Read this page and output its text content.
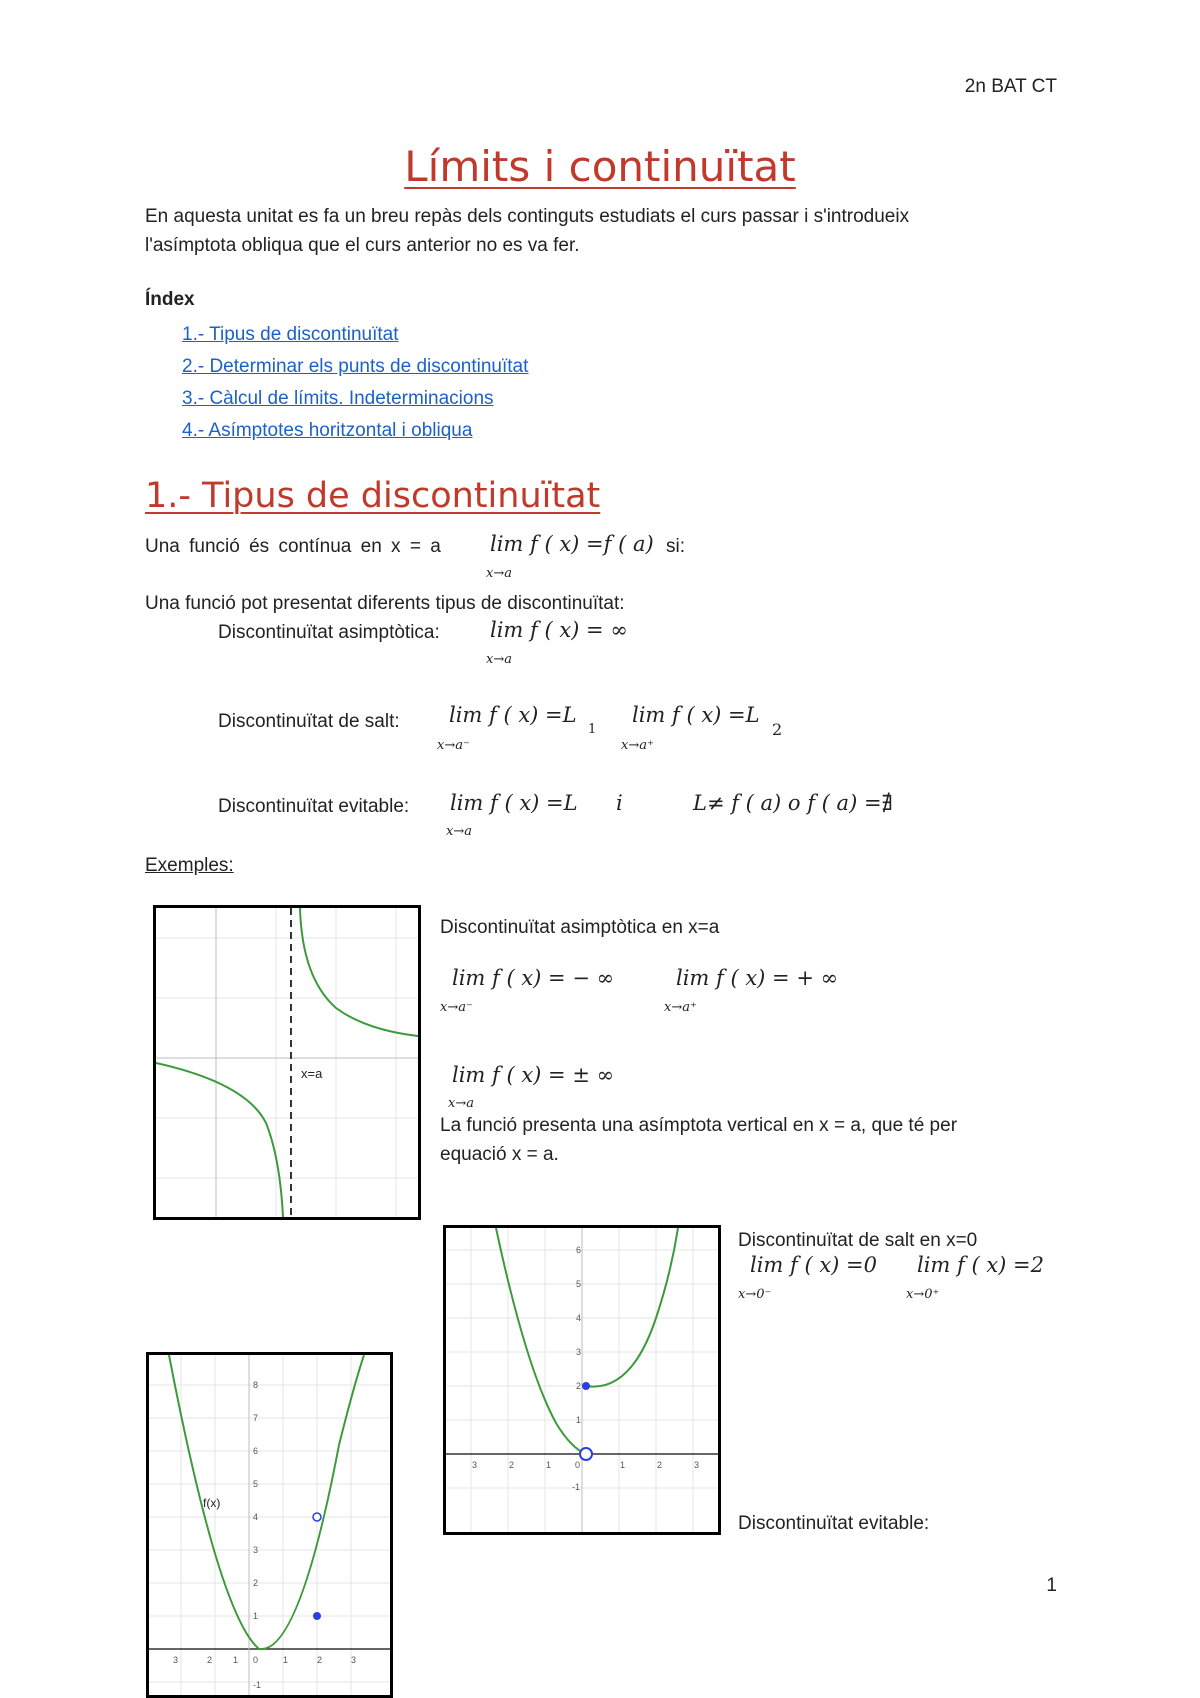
2n BAT CT
Límits i continuïtat
En aquesta unitat es fa un breu repàs dels continguts estudiats el curs passar i s'introdueix
l'asímptota obliqua que el curs anterior no es va fer.
Índex
1.- Tipus de discontinuïtat
2.- Determinar els punts de discontinuïtat
3.- Càlcul de límits. Indeterminacions
4.- Asímptotes horitzontal i obliqua
1.- Tipus de discontinuïtat
Una funció és contínua en x = a lim f ( x) =f ( a)
x→a
si:
Una funció pot presentat diferents tipus de discontinuïtat:
Discontinuïtat asimptòtica: lim f ( x) = ∞
x→a
Discontinuïtat de salt: lim f ( x) =L
1
x→a⁻
lim f ( x) =L
2
x→a⁺
Discontinuïtat evitable: lim f ( x) =L
x→a
i	L≠ f ( a) o f ( a) =∄
Exemples:
x=a
Discontinuïtat asimptòtica en x=a
lim f ( x) = − ∞
x→a⁻
lim f ( x) = + ∞
x→a⁺
lim f ( x) = ± ∞
x→a
La funció presenta una asímptota vertical en x = a, que té per
equació x = a.
6
5
4
3
2
1
3	2	1	0	1	2	3
-1
Discontinuïtat de salt en x=0
lim f ( x) =0
x→0⁻
lim f ( x) =2
x→0⁺
8
7
6
5
4
3
2
1
3	2 1 0	1	2	3
-1
f(x)
Discontinuïtat evitable:
1
